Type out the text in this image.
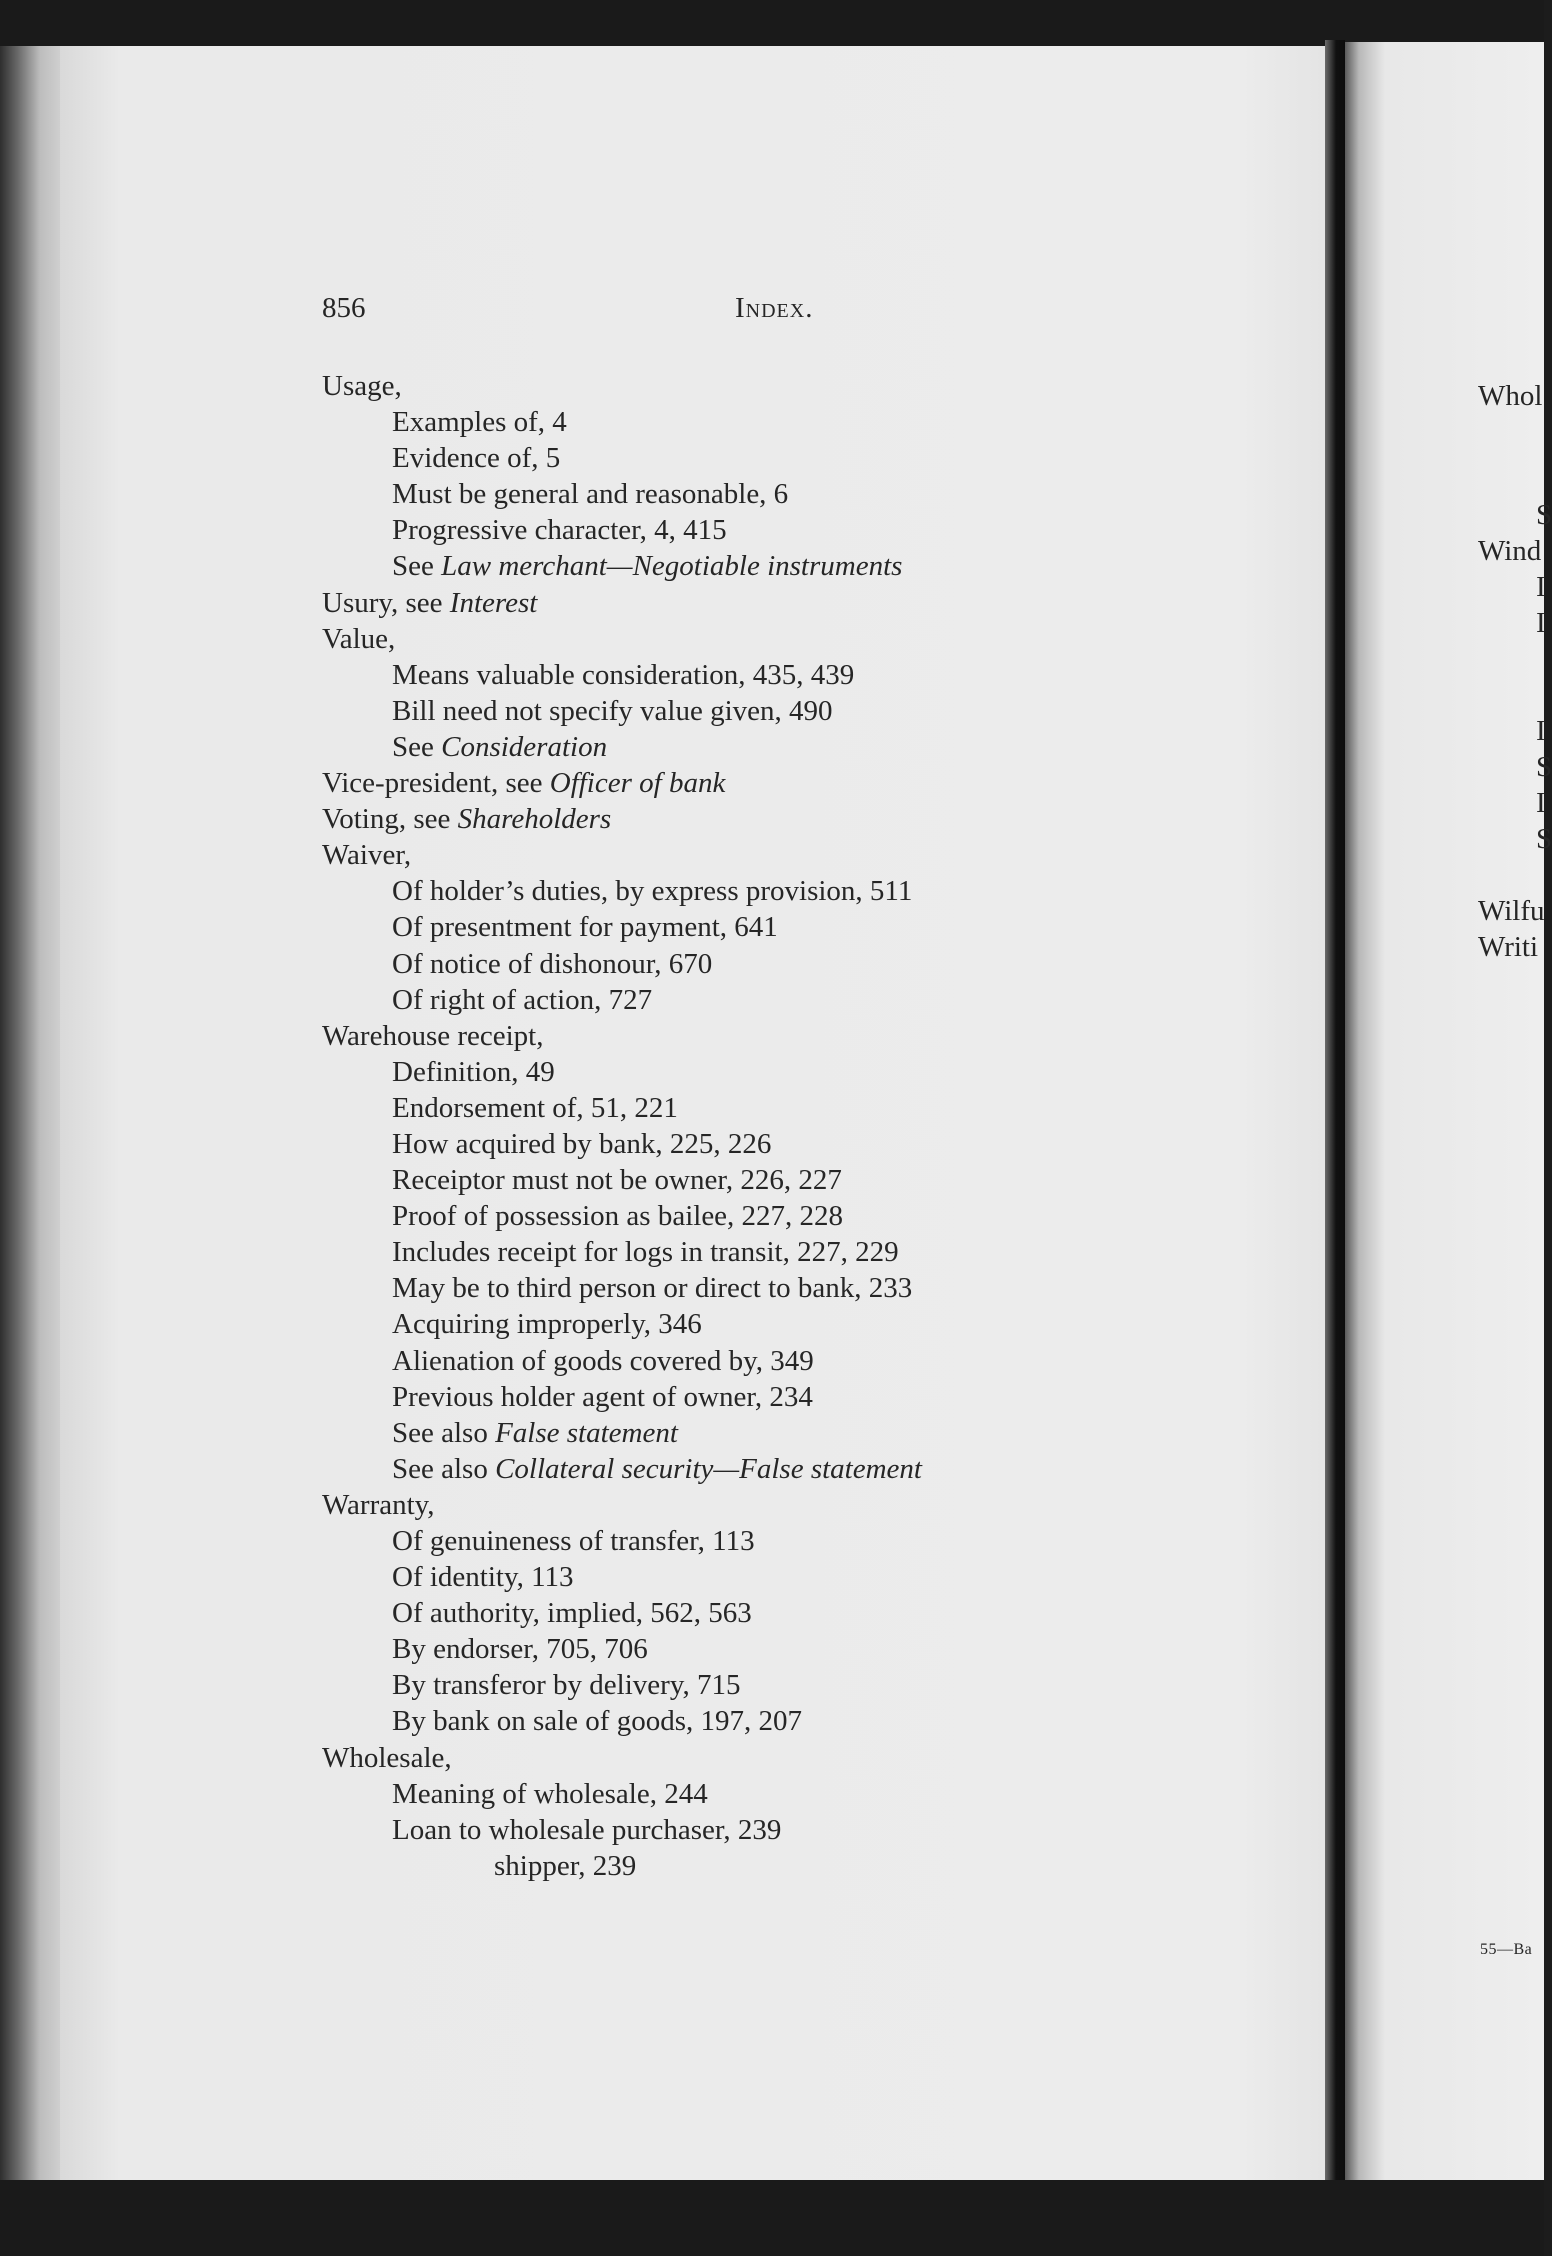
856	Index.
Usage,
Examples of, 4
Evidence of, 5
Must be general and reasonable, 6
Progressive character, 4, 415
See Law merchant—Negotiable instruments
Usury, see Interest
Value,
Means valuable consideration, 435, 439
Bill need not specify value given, 490
See Consideration
Vice-president, see Officer of bank
Voting, see Shareholders
Waiver,
Of holder’s duties, by express provision, 511
Of presentment for payment, 641
Of notice of dishonour, 670
Of right of action, 727
Warehouse receipt,
Definition, 49
Endorsement of, 51, 221
How acquired by bank, 225, 226
Receiptor must not be owner, 226, 227
Proof of possession as bailee, 227, 228
Includes receipt for logs in transit, 227, 229
May be to third person or direct to bank, 233
Acquiring improperly, 346
Alienation of goods covered by, 349
Previous holder agent of owner, 234
See also False statement
See also Collateral security—False statement
Warranty,
Of genuineness of transfer, 113
Of identity, 113
Of authority, implied, 562, 563
By endorser, 705, 706
By transferor by delivery, 715
By bank on sale of goods, 197, 207
Wholesale,
Meaning of wholesale, 244
Loan to wholesale purchaser, 239
shipper, 239
Whol
S
Wind
I
I
I
S
I
S
Wilfu
Writi
55—Ba
